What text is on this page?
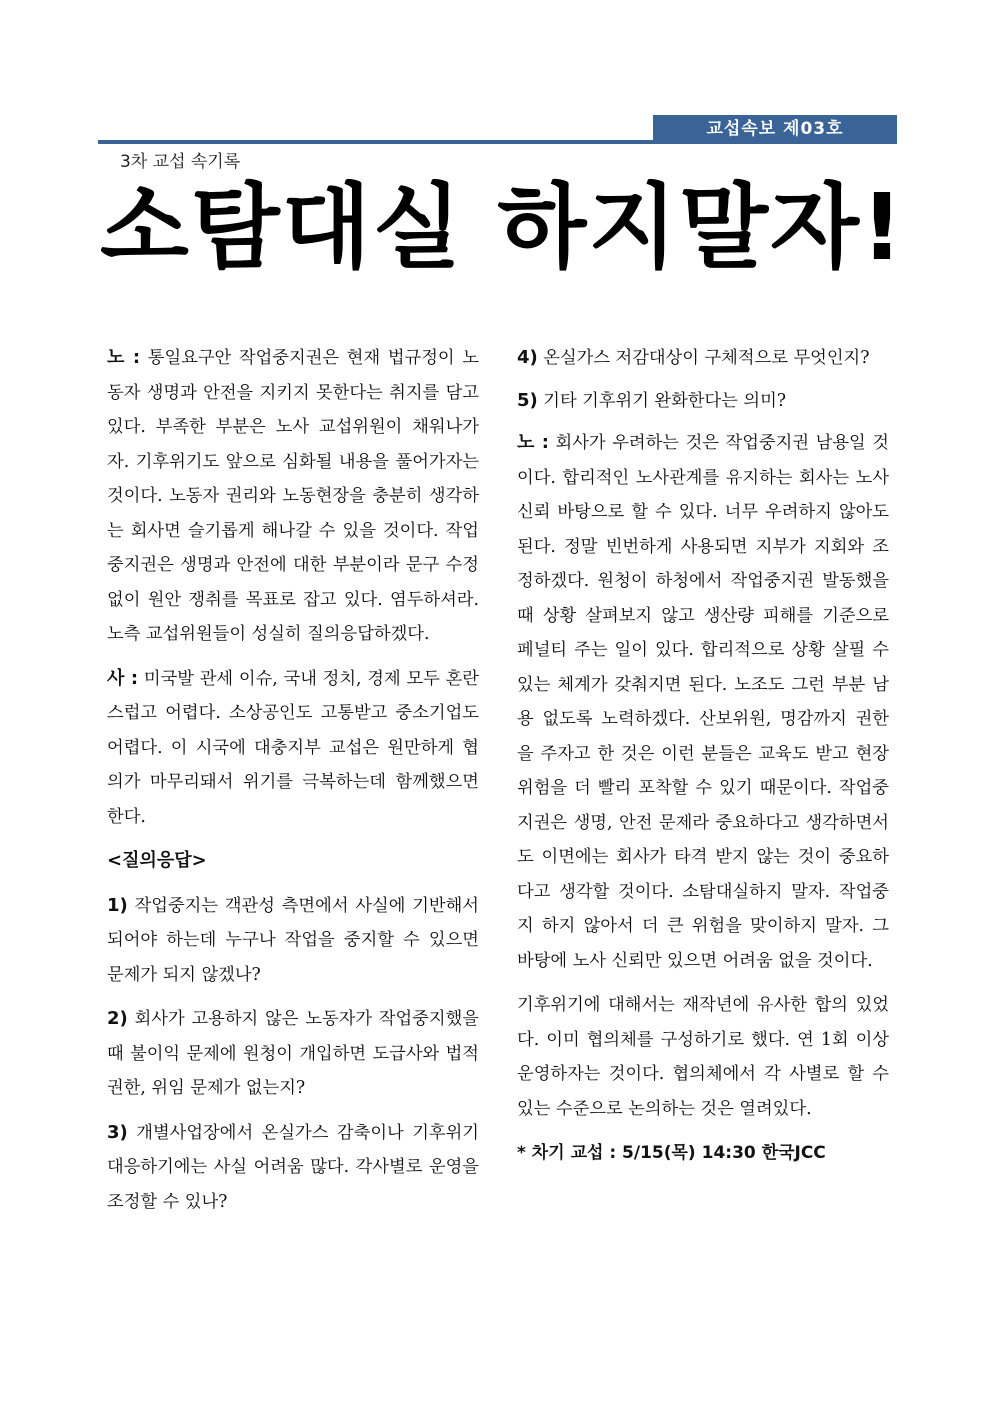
교섭속보 제03호
3차 교섭 속기록
소탐대실 하지말자!

노 : 통일요구안 작업중지권은 현재 법규정이 노동자 생명과 안전을 지키지 못한다는 취지를 담고 있다. 부족한 부분은 노사 교섭위원이 채워나가자. 기후위기도 앞으로 심화될 내용을 풀어가자는 것이다. 노동자 권리와 노동현장을 충분히 생각하는 회사면 슬기롭게 해나갈 수 있을 것이다. 작업중지권은 생명과 안전에 대한 부분이라 문구 수정없이 원안 쟁취를 목표로 잡고 있다. 염두하셔라. 노측 교섭위원들이 성실히 질의응답하겠다.

사 : 미국발 관세 이슈, 국내 정치, 경제 모두 혼란스럽고 어렵다. 소상공인도 고통받고 중소기업도 어렵다. 이 시국에 대충지부 교섭은 원만하게 협의가 마무리돼서 위기를 극복하는데 함께했으면 한다.

<질의응답>

1) 작업중지는 객관성 측면에서 사실에 기반해서 되어야 하는데 누구나 작업을 중지할 수 있으면 문제가 되지 않겠나?

2) 회사가 고용하지 않은 노동자가 작업중지했을 때 불이익 문제에 원청이 개입하면 도급사와 법적 권한, 위임 문제가 없는지?

3) 개별사업장에서 온실가스 감축이나 기후위기 대응하기에는 사실 어려움 많다. 각사별로 운영을 조정할 수 있나?

4) 온실가스 저감대상이 구체적으로 무엇인지?

5) 기타 기후위기 완화한다는 의미?

노 : 회사가 우려하는 것은 작업중지권 남용일 것이다. 합리적인 노사관계를 유지하는 회사는 노사 신뢰 바탕으로 할 수 있다. 너무 우려하지 않아도 된다. 정말 빈번하게 사용되면 지부가 지회와 조정하겠다. 원청이 하청에서 작업중지권 발동했을 때 상황 살펴보지 않고 생산량 피해를 기준으로 페널티 주는 일이 있다. 합리적으로 상황 살필 수 있는 체계가 갖춰지면 된다. 노조도 그런 부분 남용 없도록 노력하겠다. 산보위원, 명감까지 권한을 주자고 한 것은 이런 분들은 교육도 받고 현장 위험을 더 빨리 포착할 수 있기 때문이다. 작업중지권은 생명, 안전 문제라 중요하다고 생각하면서도 이면에는 회사가 타격 받지 않는 것이 중요하다고 생각할 것이다. 소탐대실하지 말자. 작업중지 하지 않아서 더 큰 위험을 맞이하지 말자. 그 바탕에 노사 신뢰만 있으면 어려움 없을 것이다.

기후위기에 대해서는 재작년에 유사한 합의 있었다. 이미 협의체를 구성하기로 했다. 연 1회 이상 운영하자는 것이다. 협의체에서 각 사별로 할 수 있는 수준으로 논의하는 것은 열려있다.

* 차기 교섭 : 5/15(목) 14:30 한국JCC
